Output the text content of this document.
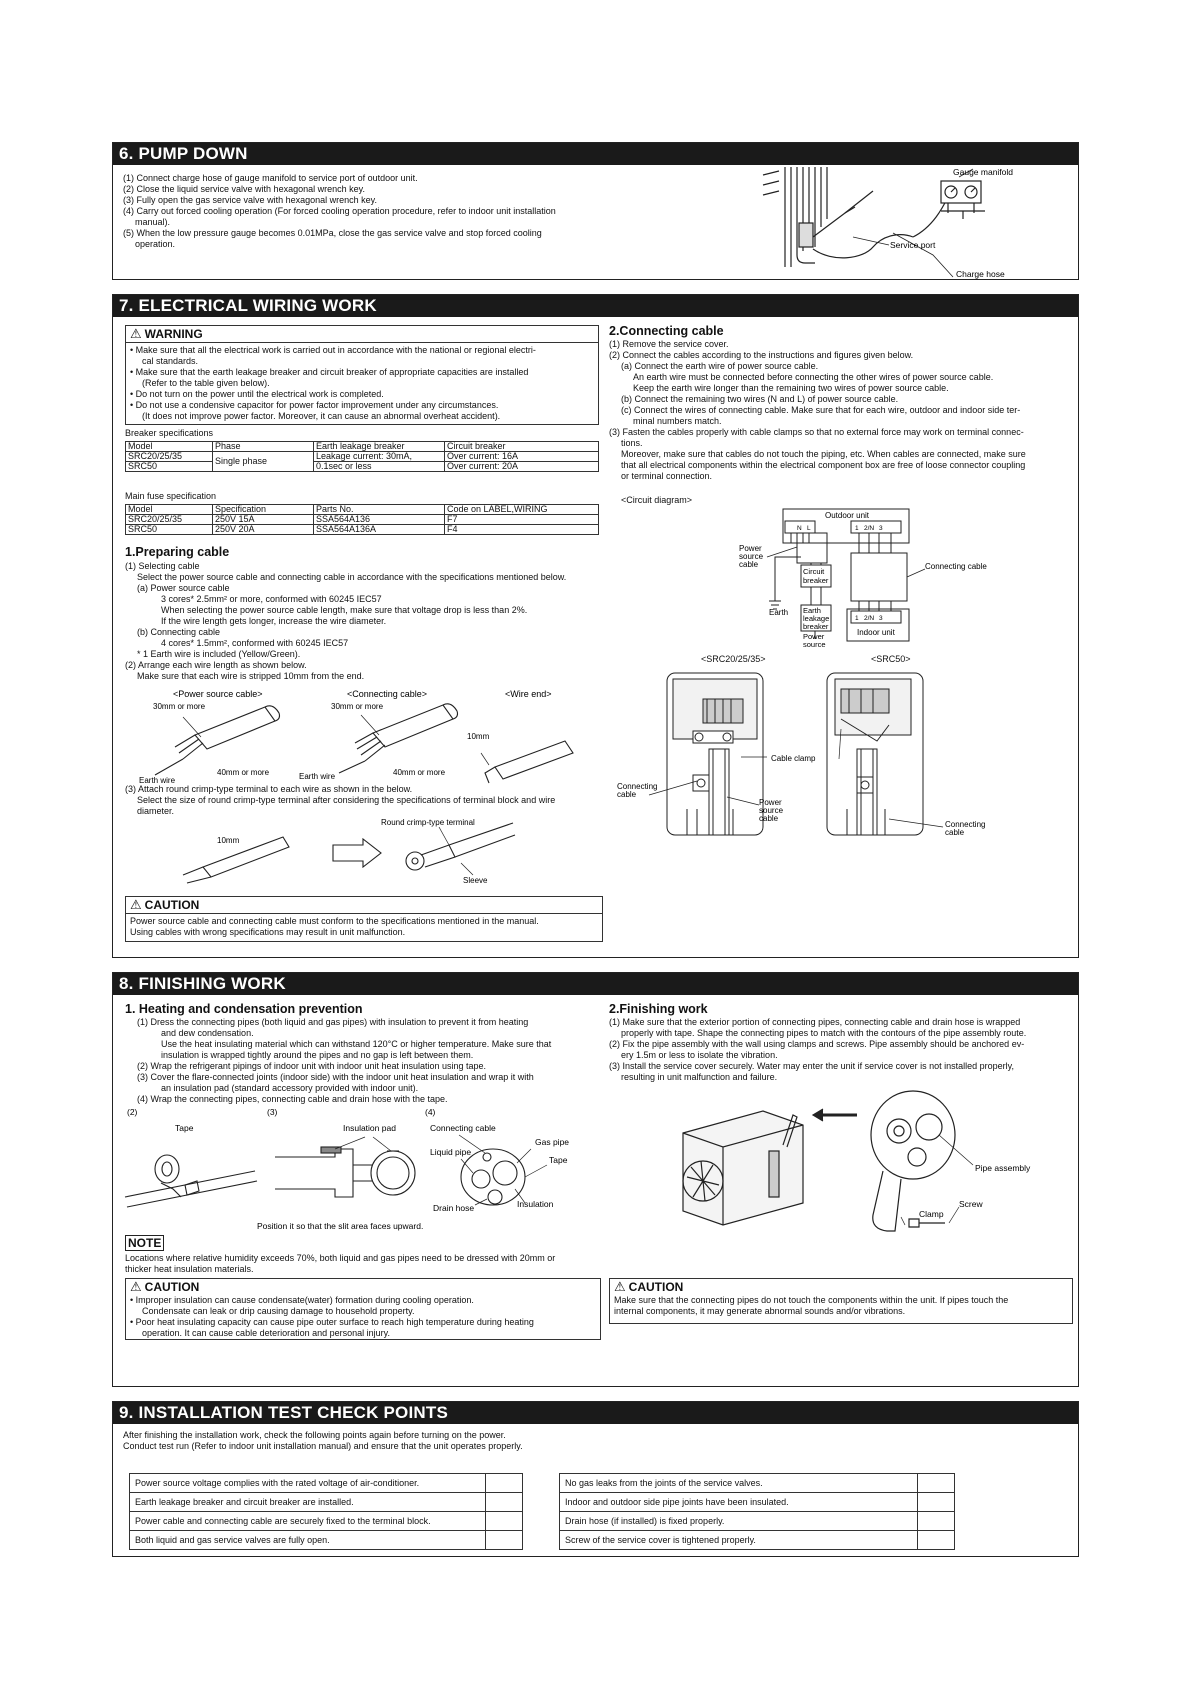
6. PUMP DOWN
(1) Connect charge hose of gauge manifold to service port of outdoor unit.
(2) Close the liquid service valve with hexagonal wrench key.
(3) Fully open the gas service valve with hexagonal wrench key.
(4) Carry out forced cooling operation (For forced cooling operation procedure, refer to indoor unit installation
manual).
(5) When the low pressure gauge becomes 0.01MPa, close the gas service valve and stop forced cooling
operation.
Gauge manifold
Service port
Charge hose
7. ELECTRICAL WIRING WORK
⚠ WARNING
• Make sure that all the electrical work is carried out in accordance with the national or regional electri-
cal standards.
• Make sure that the earth leakage breaker and circuit breaker of appropriate capacities are installed
(Refer to the table given below).
• Do not turn on the power until the electrical work is completed.
• Do not use a condensive capacitor for power factor improvement under any circumstances.
(It does not improve power factor. Moreover, it can cause an abnormal overheat accident).
Breaker specifications
Model	Phase	Earth leakage breaker	Circuit breaker
SRC20/25/35	Single phase	Leakage current: 30mA,	Over current: 16A
SRC50		0.1sec or less	Over current: 20A
Main fuse specification
Model	Specification	Parts No.	Code on LABEL,WIRING
SRC20/25/35	250V 15A	SSA564A136	F7
SRC50	250V 20A	SSA564A136A	F4
1.Preparing cable
(1) Selecting cable
Select the power source cable and connecting cable in accordance with the specifications mentioned below.
(a) Power source cable
3 cores* 2.5mm² or more, conformed with 60245 IEC57
When selecting the power source cable length, make sure that voltage drop is less than 2%.
If the wire length gets longer, increase the wire diameter.
(b) Connecting cable
4 cores* 1.5mm², conformed with 60245 IEC57
* 1 Earth wire is included (Yellow/Green).
(2) Arrange each wire length as shown below.
Make sure that each wire is stripped 10mm from the end.
<Power source cable>	<Connecting cable>	<Wire end>
30mm or more	30mm or more
40mm or more	40mm or more
Earth wire	Earth wire
10mm
(3) Attach round crimp-type terminal to each wire as shown in the below.
Select the size of round crimp-type terminal after considering the specifications of terminal block and wire
diameter.
Round crimp-type terminal
10mm
Sleeve
⚠ CAUTION
Power source cable and connecting cable must conform to the specifications mentioned in the manual.
Using cables with wrong specifications may result in unit malfunction.
2.Connecting cable
(1) Remove the service cover.
(2) Connect the cables according to the instructions and figures given below.
(a) Connect the earth wire of power source cable.
An earth wire must be connected before connecting the other wires of power source cable.
Keep the earth wire longer than the remaining two wires of power source cable.
(b) Connect the remaining two wires (N and L) of power source cable.
(c) Connect the wires of connecting cable. Make sure that for each wire, outdoor and indoor side ter-
minal numbers match.
(3) Fasten the cables properly with cable clamps so that no external force may work on terminal connec-
tions.
Moreover, make sure that cables do not touch the piping, etc. When cables are connected, make sure
that all electrical components within the electrical component box are free of loose connector coupling
or terminal connection.
<Circuit diagram>
Outdoor unit
N L	1 2/N 3
1 2/N 3
Power
source
cable	Connecting cable
Circuit
breaker
Earth Earth
leakage
breaker
Indoor unit
Power
source
<SRC20/25/35>	<SRC50>
Cable clamp
Connecting
cable
Power
source
cable
Connecting
cable
8. FINISHING WORK
1. Heating and condensation prevention
(1) Dress the connecting pipes (both liquid and gas pipes) with insulation to prevent it from heating
and dew condensation.
Use the heat insulating material which can withstand 120°C or higher temperature. Make sure that
insulation is wrapped tightly around the pipes and no gap is left between them.
(2) Wrap the refrigerant pipings of indoor unit with indoor unit heat insulation using tape.
(3) Cover the flare-connected joints (indoor side) with the indoor unit heat insulation and wrap it with
an insulation pad (standard accessory provided with indoor unit).
(4) Wrap the connecting pipes, connecting cable and drain hose with the tape.
(2)	(3)	(4)
Tape	Insulation pad	Connecting cable
Gas pipe
Liquid pipe
Tape
Drain hose	Insulation
Position it so that the slit area faces upward.
NOTE
Locations where relative humidity exceeds 70%, both liquid and gas pipes need to be dressed with 20mm or
thicker heat insulation materials.
⚠ CAUTION
• Improper insulation can cause condensate(water) formation during cooling operation.
Condensate can leak or drip causing damage to household property.
• Poor heat insulating capacity can cause pipe outer surface to reach high temperature during heating
operation. It can cause cable deterioration and personal injury.
2.Finishing work
(1) Make sure that the exterior portion of connecting pipes, connecting cable and drain hose is wrapped
properly with tape. Shape the connecting pipes to match with the contours of the pipe assembly route.
(2) Fix the pipe assembly with the wall using clamps and screws. Pipe assembly should be anchored ev-
ery 1.5m or less to isolate the vibration.
(3) Install the service cover securely. Water may enter the unit if service cover is not installed properly,
resulting in unit malfunction and failure.
Pipe assembly
Screw
Clamp
⚠ CAUTION
Make sure that the connecting pipes do not touch the components within the unit. If pipes touch the
internal components, it may generate abnormal sounds and/or vibrations.
9. INSTALLATION TEST CHECK POINTS
After finishing the installation work, check the following points again before turning on the power.
Conduct test run (Refer to indoor unit installation manual) and ensure that the unit operates properly.
Power source voltage complies with the rated voltage of air-conditioner.	
Earth leakage breaker and circuit breaker are installed.	
Power cable and connecting cable are securely fixed to the terminal block.	
Both liquid and gas service valves are fully open.	
No gas leaks from the joints of the service valves.	
Indoor and outdoor side pipe joints have been insulated.	
Drain hose (if installed) is fixed properly.	
Screw of the service cover is tightened properly.	
